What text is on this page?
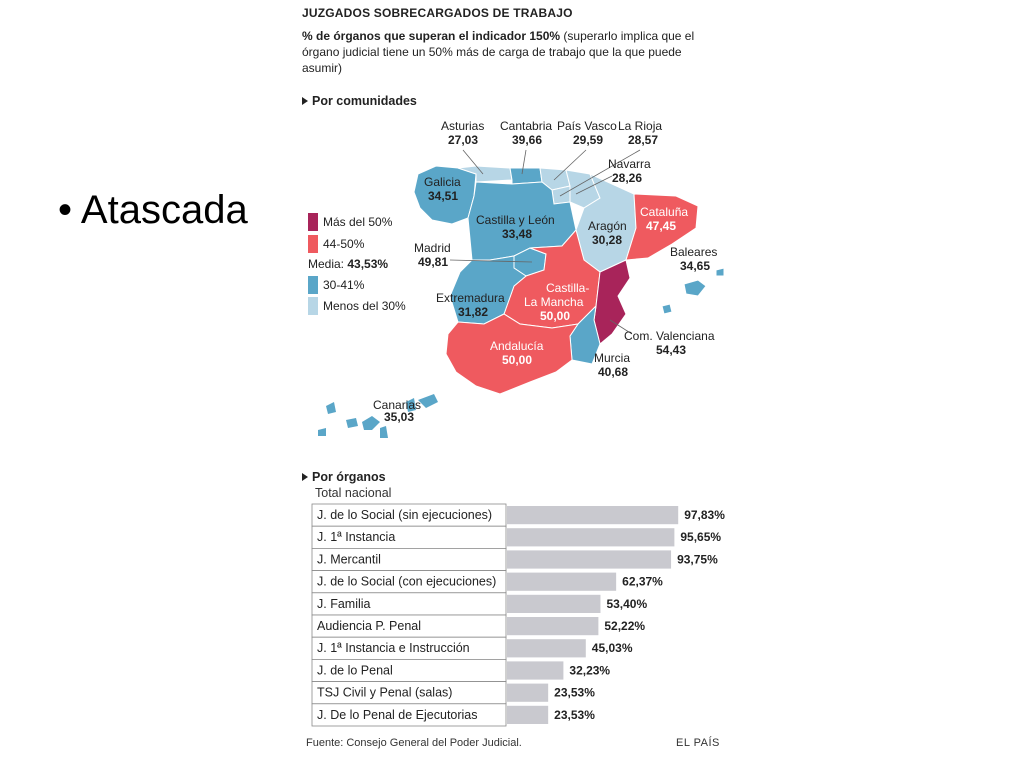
• Atascada
JUZGADOS SOBRECARGADOS DE TRABAJO
% de órganos que superan el indicador 150% (superarlo implica que el órgano judicial tiene un 50% más de carga de trabajo que la que puede asumir)
Por comunidades
Asturias
27,03
Cantabria
39,66
País Vasco
29,59
La Rioja
28,57
Navarra
28,26
Galicia
34,51
Castilla y León
33,48
Cataluña
47,45
Madrid
49,81
Aragón
30,28
Baleares
34,65
Castilla-
La Mancha
50,00
Extremadura
31,82
Com. Valenciana
54,43
Andalucía
50,00	Murcia
40,68
Canarias
35,03
Más del 50%
44-50%
Media: 43,53%
30-41%
Menos del 30%
Por órganos
Total nacional
J. de lo Social (sin ejecuciones)	97,83%
J. 1ª Instancia	95,65%
J. Mercantil	93,75%
J. de lo Social (con ejecuciones)	62,37%
J. Familia	53,40%
Audiencia P. Penal	52,22%
J. 1ª Instancia e Instrucción	45,03%
J. de lo Penal	32,23%
TSJ Civil y Penal (salas)	23,53%
J. De lo Penal de Ejecutorias	23,53%
Fuente: Consejo General del Poder Judicial.	EL PAÍS
